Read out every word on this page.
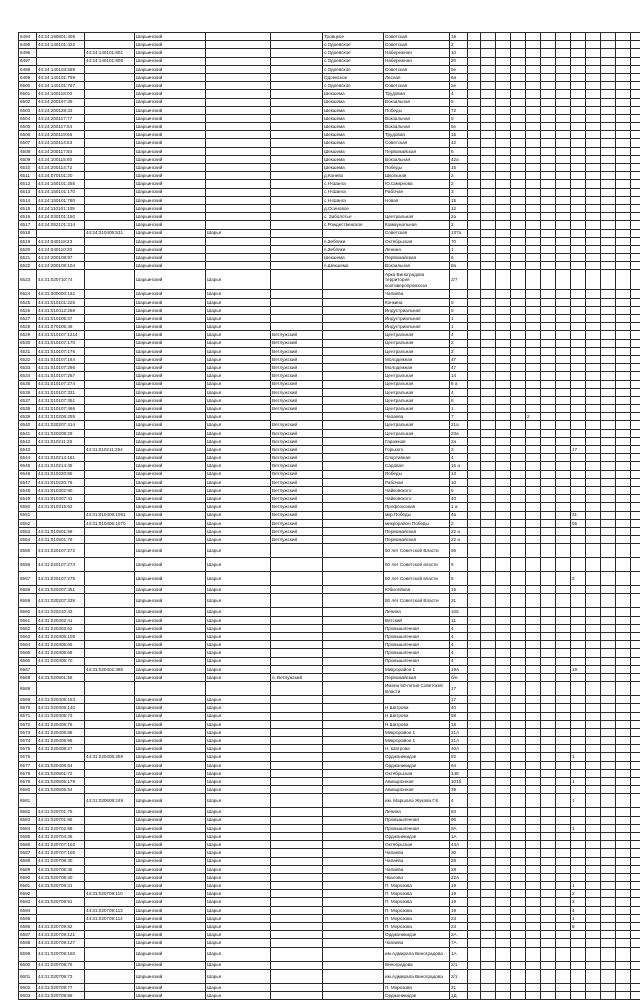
6494	44:24:190801:409		Шарьинский			Троицкое	Советская	19														
6495	44:24:140101:422		Шарьинский			с.Одоевское	Советская	2														
6496		44:24:140101:801	Шарьинский			с.Одоевское	Набережная	10														
6497		44:24:140101:808	Шарьинский			с.Одоевское	Набережная	20														
6498	44:24:140103:589		Шарьинский			с.Одоевское	Советская	5е														
6499	44:24:140101:759		Шарьинский			Одоевское	Лесная	6а														
6500	44:24:140101:767		Шарьинский			с.Одоевское	Советская	2е														
6501	44:24:100118:00		Шарьинский			Шекшема	Трудовая	4														
6502	44:24:200167:39		Шарьинский			Шекшема	Вокзальная	5														
6503	44:24:200128:33		Шарьинский			Шекшема	Победы	72														
6504	44:24:200117:77		Шарьинский			Шекшема	Вокзальная	5														
6505	44:24:200117:54		Шарьинский			Шекшема	Вокзальная	5е														
6506	44:24:200119:66		Шарьинский			Шекшема	Трудовая	15														
6507	44:24:100114:53		Шарьинский			Шекшема	Советская	42														
6508	44:24:200117:84		Шарьинский			Шекшема	Первомайская	6														
6509	44:24:100115:80		Шарьинский			Шекшема	Вокзальная	42а														
6510	44:24:200114:72		Шарьинский			Шекшема	Победы	15														
6511	44:24:070101:20		Шарьинский			д.Конево	Школьная	2														
6512	44:24:150101:255		Шарьинский			с.Н-Шанга	Ю.Смирнова	2														
6513	44:24:150101:170		Шарьинский			с.Н-Шанга	Рабочая	3														
6514	44:24:150101:780		Шарьинский			с.Н-Шанга	Новая	15														
6515	44:24:110101:109		Шарьинский			д.Осиновое		12														
6516	44:24:030101:150		Шарьинский			с. Заболотье	Центральная	2а														
6517	44:24:052101:214		Шарьинский			с.Рождественское	Коммунальная	2														
6518		44:24:210405:531	Шарьинский	Шарья			Советская	137а														
6519	44:24:040118:23		Шарьинский			п.Зебляки	Октябрьская	70														
6520	44:24:040110:20		Шарьинский			п.Зебляки	Ленина	1														
6521	44:24:200108:97		Шарьинский			Шекшема	Первомайская	6														
6522	44:24:200108:104		Шарьинский			п.Шекшема	Вокзальная	8а														
6523	44:31:020710:74		Шарьинский	Шарья			Арка Виноградова территория коопзверопромхоза	2/7														
6524	44:31:000000:162		Шарьинский	Шарья			Чапаева															
6525	44:31:010101:225		Шарьинский	Шарья			Конкина	5														
6526	44:31:010412:268		Шарьинский	Шарья			Индустриальная	5														
6527	44:31:010105:37		Шарьинский	Шарья			Индустриальная	1														
6528	44:31:070105:49		Шарьинский	Шарья			Индустриальная	1														
6529	44:31:010107:1214		Шарьинский	Шарья	Ветлужский		Центральная	4														
6530	44:31:010107:170		Шарьинский	Шарья	Ветлужский		Центральная	2														
6531	44:31:010107:176		Шарьинский	Шарья	Ветлужский		Центральная	3														
6532	44:31:010107:184		Шарьинский	Шарья	Ветлужский		Молодежная	47														
6533	44:31:010107:286		Шарьинский	Шарья	Ветлужский		Молодежная	47														
6534	44:31:010107:267		Шарьинский	Шарья	Ветлужский		Центральная	14														
6535	44:31:010107:274		Шарьинский	Шарья	Ветлужский		Центральная	8 а														
6536	44:31:010107:331		Шарьинский	Шарья	Ветлужский		Центральная	4														
6537	44:31:010107:351		Шарьинский	Шарья	Ветлужский		Центральная	6														
6538	44:31:010107:466		Шарьинский	Шарья	Ветлужский		Центральная	1														
6539	44:31:010206:255		Шарьинский	Шарья			Чапаева	7					2									
6540	44:31:020207:414		Шарьинский	Шарья	Ветлужский		Центральная	21а														
6541	44:31:020208:29		Шарьинский	Шарья	Ветлужский		Центральная	23а														
6542	44:31:010211:26		Шарьинский	Шарья	Ветлужский		Гаражная	2а														
6543		44:31:010211:254	Шарьинский	Шарья	Ветлужский		Горького	3								17						
6544	44:31:010214:161		Шарьинский	Шарья	Ветлужский		Спортивная	4														
6545	44:31:010214:45		Шарьинский	Шарья	Ветлужский		Садовая	15 а														
6546	44:31:010220:55		Шарьинский	Шарья	Ветлужский		Победы	13														
6547	44:31:010220:76		Шарьинский	Шарья	Ветлужский		Рабочая	10														
6548	44:31:010302:90		Шарьинский	Шарья	Ветлужский		Чайковского	5														
6549	44:31:010307:41		Шарьинский	Шарья	Ветлужский		Чайковского	40														
6550	44:31:010315:62		Шарьинский	Шарья	Ветлужский		Профсоюзная	1 а														
6551		44:31:010406:1051	Шарьинский	Шарья	Ветлужский		мкр.Победы	4а								31						
6552		44:31:010406:1070	Шарьинский	Шарья	Ветлужский		микрорайон Победы	2								55						
6553	44:31:010501:99		Шарьинский	Шарья	Ветлужский		Первомайская	22 а														
6554	44:31:010501:79		Шарьинский	Шарья	Ветлужский		Первомайская	22 а														
6555	44:31:020107:272		Шарьинский	Шарья			50 лет Советской Власти	56														
6556	44:31:020107:274		Шарьинский	Шарья			50 лет Советской власти	5														
6557	44:31:020107:275		Шарьинский	Шарья			50 лет Советской власти	5								2						
6558	44:31:020207:351		Шарьинский	Шарья			Юбилейная	15														
6559	44:31:020207:339		Шарьинский	Шарья			50 лет Советской Власти	31														
6560	44:31:020210:42		Шарьинский	Шарья			Ленина	105														
6561	44:31:020302:41		Шарьинский	Шарья			Вятский	11														
6562	44:31:020303:52		Шарьинский	Шарья			Промышленная	4														
6563	44:31:020305:108		Шарьинский	Шарья			Промышленная	4														
6564	44:31:020305:65		Шарьинский	Шарья			Промышленная	4														
6565	44:31:020305:68		Шарьинский	Шарья			Промышленная	4														
6566	44:31:020305:70		Шарьинский	Шарья			Промышленная	4														
6567		44:31:020402:386	Шарьинский	Шарья			Микрорайон 1	19А								19						
6568	44:31:020501:58		Шарьинский	Шарья	п. Ветлужский		Первомайская	б/н														
6569							Имени 50-летия Советской Власти	17														
6569	44:31:020405:153		Шарьинский	Шарья				17														
6570	44:31:020405:140		Шарьинский	Шарья			Н.Шатрова	40														
6571	44:31:020405:73		Шарьинский	Шарья			Н.Шатрова	58														
6572	44:31:020405:75		Шарьинский	Шарья			Н.Шатрова	18														
6573	44:31:020405:88		Шарьинский	Шарья			Микрорайон 1	21А														
6574	44:31:020405:96		Шарьинский	Шарья			Микрорайон 1	21А														
6575	44:31:020408:27		Шарьинский	Шарья			Н. Шатрова	40А														
6576		44:31:020408:259	Шарьинский	Шарья			Орджоникидзе	82								1						
6577	44:31:020408:64		Шарьинский	Шарья			Орджоникидзе	64														
6578	44:31:020501:72		Шарьинский	Шарья			Октябрьская	148														
6579	44:31:020505:178		Шарьинский	Шарья			Авиационная	101б								1						
6580	44:31:020505:54		Шарьинский	Шарья			Авиационная	39														
6581		44:31:020608:249	Шарьинский	Шарья			им. Маршала Жукова Г.К.	4								1						
6582	44:31:020701:75		Шарьинский	Шарья			Ленина	83														
6583	44:31:020701:85		Шарьинский	Шарья			Промышленная	96														
6584	44:31:020702:89		Шарьинский	Шарья			Промышленная	9А								1						
6585	44:31:020704:36		Шарьинский	Шарья			Орджоникидзе	1А														
6586	44:31:020707:103		Шарьинский	Шарья			Октябрьская	44А														
6587	44:31:020707:105		Шарьинский	Шарья			Чапаева	30														
6588	44:31:020708:30		Шарьинский	Шарья			Чапаева	28														
6589	44:31:020708:35		Шарьинский	Шарья			Чапаева	28														
6590	44:31:020708:40		Шарьинский	Шарья			Чкалова	22А														
6591	44:31:020709:31		Шарьинский	Шарья			П. Морозова	19								1						
6592		44:31:020709:110	Шарьинский	Шарья			П. Морозова	19								2						
6593	44:31:020709:91		Шарьинский	Шарья			П. Морозова	19								3						
6594		44:31:020709:113	Шарьинский	Шарья			П. Морозова	19								4						
6595		44:31:020709:114	Шарьинский	Шарья			П. Морозова	23								1						
6596	44:31:020709:82		Шарьинский	Шарья			П. Морозова	23								8						
6597	44:31:020709:121		Шарьинский	Шарья			Орджоникидзе	2А														
6598	44:31:020709:127		Шарьинский	Шарья			Чапаева	7А														
6599	44:31:020709:160		Шарьинский	Шарья			им.Адмирала Виноградова	1А														
6600	44:31:020709:75		Шарьинский	Шарья			Виноградова	2/1														
6601	44:31:020709:73		Шарьинский	Шарья			им.Адмирала Виноградова	2/1														
6602	44:31:020709:77		Шарьинский	Шарья			П. Морозова	21														
6603	44:31:020709:89		Шарьинский	Шарья			Орджоникидзе	1Д														
